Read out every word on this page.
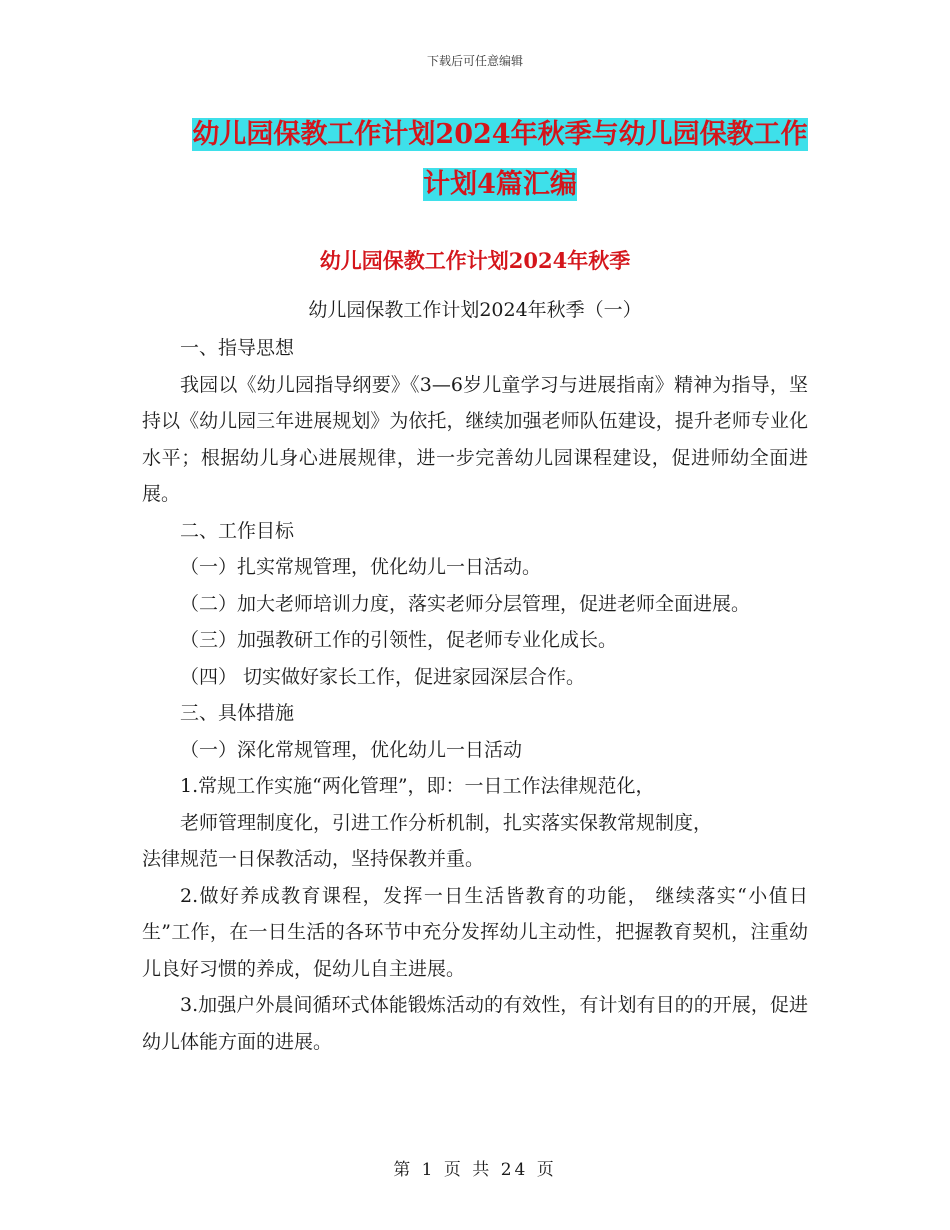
下载后可任意编辑
幼儿园保教工作计划2024年秋季与幼儿园保教工作计划4篇汇编
幼儿园保教工作计划2024年秋季
幼儿园保教工作计划2024年秋季（一）

一、指导思想

我园以《幼儿园指导纲要》《3—6岁儿童学习与进展指南》精神为指导，坚持以《幼儿园三年进展规划》为依托，继续加强老师队伍建设，提升老师专业化水平；根据幼儿身心进展规律，进一步完善幼儿园课程建设，促进师幼全面进展。

二、工作目标

（一）扎实常规管理，优化幼儿一日活动。

（二）加大老师培训力度，落实老师分层管理，促进老师全面进展。

（三）加强教研工作的引领性，促老师专业化成长。

（四） 切实做好家长工作，促进家园深层合作。

三、具体措施

（一）深化常规管理，优化幼儿一日活动

1.常规工作实施“两化管理”，即：一日工作法律规范化，

老师管理制度化，引进工作分析机制，扎实落实保教常规制度，

法律规范一日保教活动，坚持保教并重。

2.做好养成教育课程，发挥一日生活皆教育的功能， 继续落实“小值日生”工作，在一日生活的各环节中充分发挥幼儿主动性，把握教育契机，注重幼儿良好习惯的养成，促幼儿自主进展。

3.加强户外晨间循环式体能锻炼活动的有效性，有计划有目的的开展，促进幼儿体能方面的进展。

第 1 页 共 24 页
